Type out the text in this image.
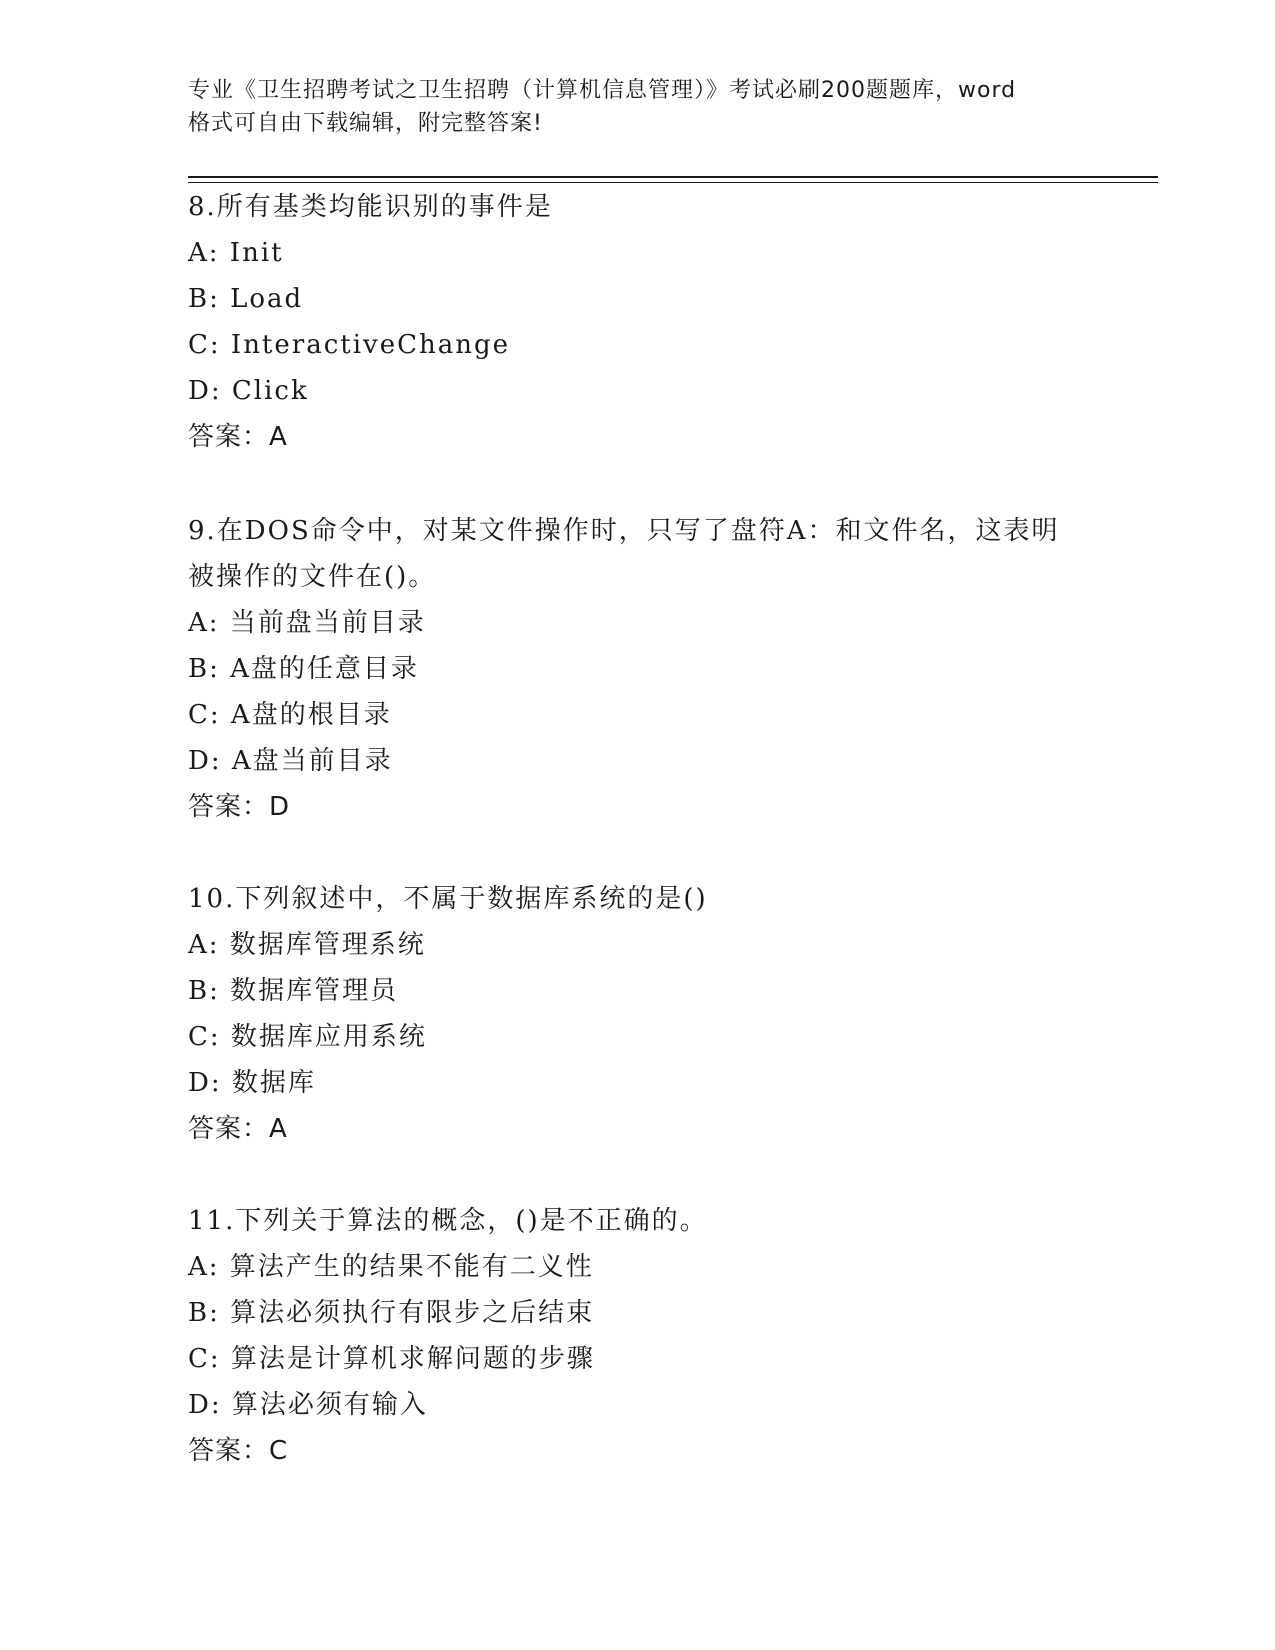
专业《卫生招聘考试之卫生招聘（计算机信息管理）》考试必刷200题题库，word
格式可自由下载编辑，附完整答案!
8.所有基类均能识别的事件是
A: Init
B: Load
C: InteractiveChange
D: Click
答案：A
9.在DOS命令中，对某文件操作时，只写了盘符A：和文件名，这表明
被操作的文件在()。
A: 当前盘当前目录
B: A盘的任意目录
C: A盘的根目录
D: A盘当前目录
答案：D
10.下列叙述中，不属于数据库系统的是()
A: 数据库管理系统
B: 数据库管理员
C: 数据库应用系统
D: 数据库
答案：A
11.下列关于算法的概念，()是不正确的。
A: 算法产生的结果不能有二义性
B: 算法必须执行有限步之后结束
C: 算法是计算机求解问题的步骤
D: 算法必须有输入
答案：C
